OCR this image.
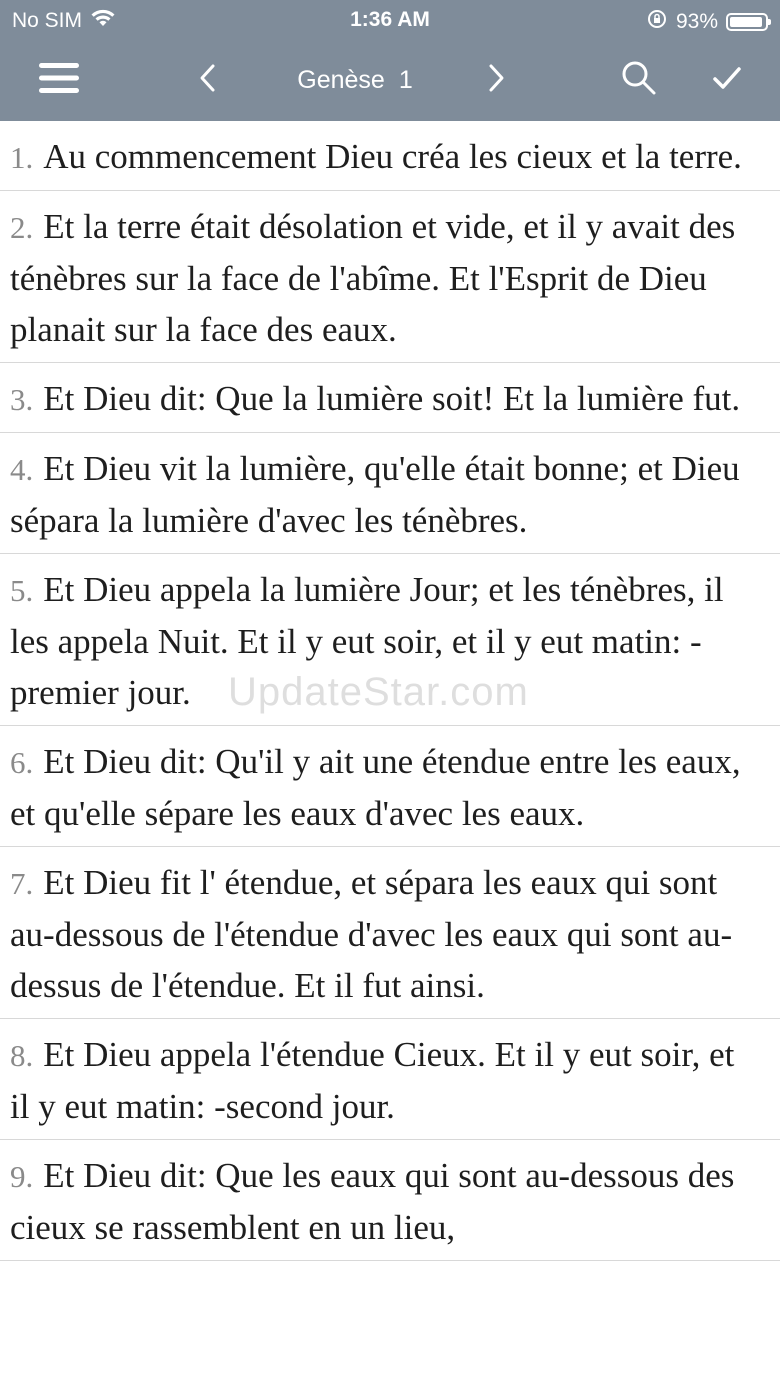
No SIM	1:36 AM	93%
Genèse 1
1. Au commencement Dieu créa les cieux et la terre.
2. Et la terre était désolation et vide, et il y avait des ténèbres sur la face de l'abîme. Et l'Esprit de Dieu planait sur la face des eaux.
3. Et Dieu dit: Que la lumière soit! Et la lumière fut.
4. Et Dieu vit la lumière, qu'elle était bonne; et Dieu sépara la lumière d'avec les ténèbres.
5. Et Dieu appela la lumière Jour; et les ténèbres, il les appela Nuit. Et il y eut soir, et il y eut matin: -premier jour.
6. Et Dieu dit: Qu'il y ait une étendue entre les eaux, et qu'elle sépare les eaux d'avec les eaux.
7. Et Dieu fit l' étendue, et sépara les eaux qui sont au-dessous de l'étendue d'avec les eaux qui sont au-dessus de l'étendue. Et il fut ainsi.
8. Et Dieu appela l'étendue Cieux. Et il y eut soir, et il y eut matin: -second jour.
9. Et Dieu dit: Que les eaux qui sont au-dessous des cieux se rassemblent en un lieu,
UpdateStar.com
